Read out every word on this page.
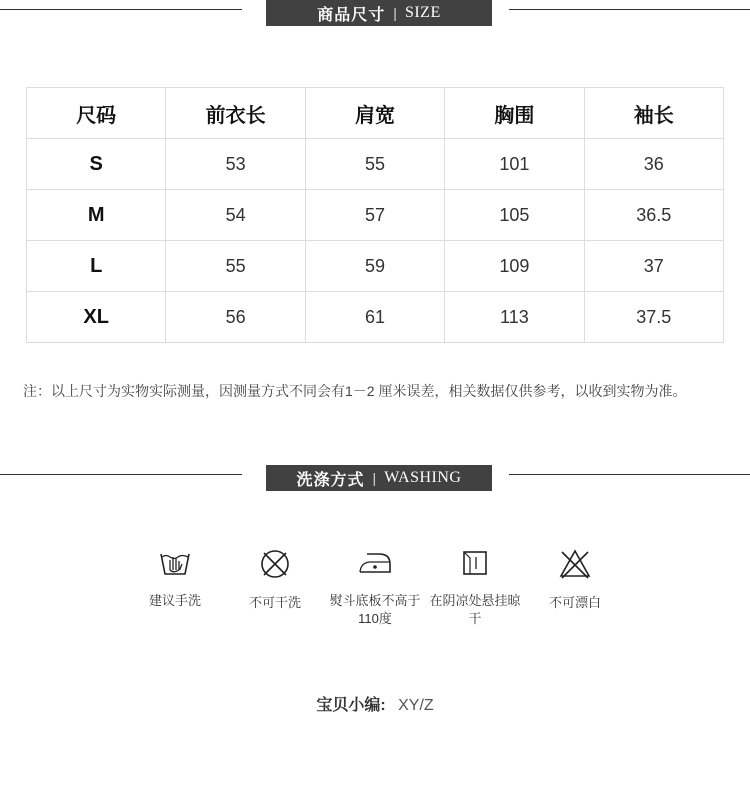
商品尺寸 | SIZE
尺码	前衣长	肩宽	胸围	袖长
S	53	55	101	36
M	54	57	105	36.5
L	55	59	109	37
XL	56	61	113	37.5
注：以上尺寸为实物实际测量，因测量方式不同会有1－2 厘米误差，相关数据仅供参考，以收到实物为准。
洗涤方式 | WASHING
建议手洗	不可干洗	熨斗底板不高于
110度
在阴凉处悬挂晾
干
不可漂白
宝贝小编: XY/Z
